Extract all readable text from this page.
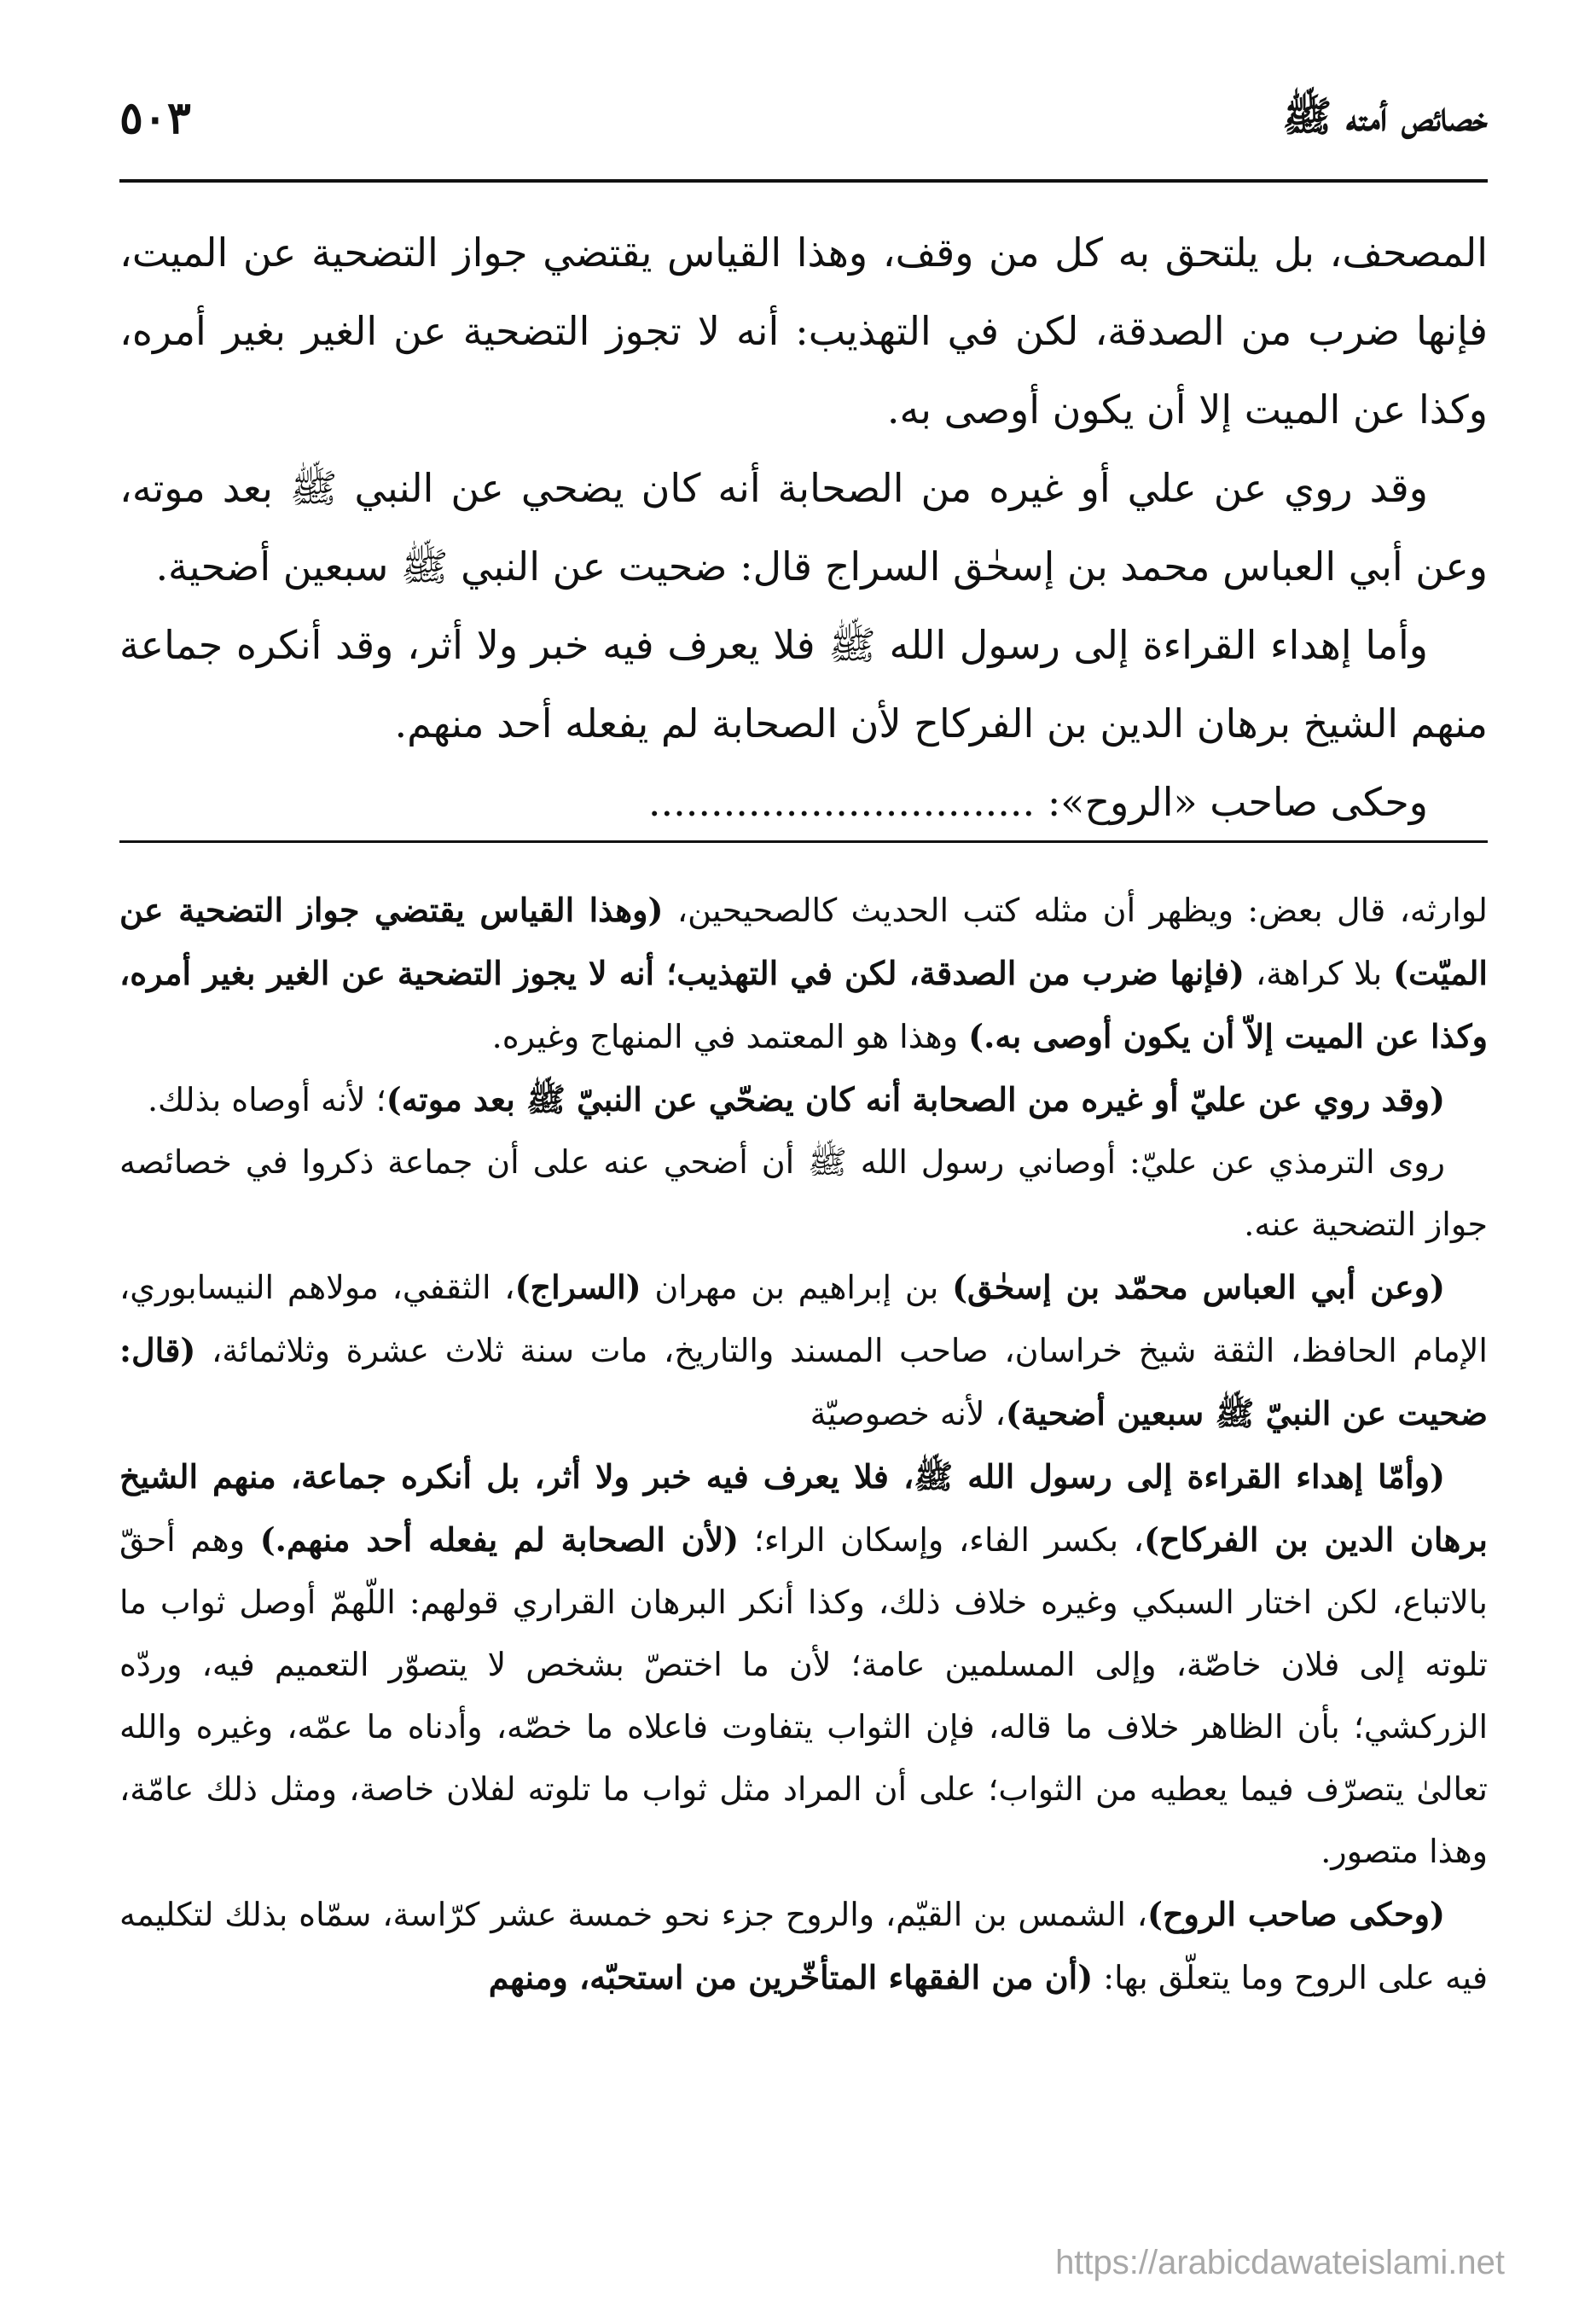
خصائص أمته ﷺ
٥٠٣

المصحف، بل يلتحق به كل من وقف، وهذا القياس يقتضي جواز التضحية عن الميت، فإنها ضرب من الصدقة، لكن في التهذيب: أنه لا تجوز التضحية عن الغير بغير أمره، وكذا عن الميت إلا أن يكون أوصى به.

وقد روي عن علي أو غيره من الصحابة أنه كان يضحي عن النبي ﷺ بعد موته، وعن أبي العباس محمد بن إسحٰق السراج قال: ضحيت عن النبي ﷺ سبعين أضحية.

وأما إهداء القراءة إلى رسول الله ﷺ فلا يعرف فيه خبر ولا أثر، وقد أنكره جماعة منهم الشيخ برهان الدين بن الفركاح لأن الصحابة لم يفعله أحد منهم.

وحكى صاحب «الروح»: ...............................

لوارثه، قال بعض: ويظهر أن مثله كتب الحديث كالصحيحين، (وهذا القياس يقتضي جواز التضحية عن الميّت) بلا كراهة، (فإنها ضرب من الصدقة، لكن في التهذيب؛ أنه لا يجوز التضحية عن الغير بغير أمره، وكذا عن الميت إلاّ أن يكون أوصى به.) وهذا هو المعتمد في المنهاج وغيره.

(وقد روي عن عليّ أو غيره من الصحابة أنه كان يضحّي عن النبيّ ﷺ بعد موته)؛ لأنه أوصاه بذلك.

روى الترمذي عن عليّ: أوصاني رسول الله ﷺ أن أضحي عنه على أن جماعة ذكروا في خصائصه جواز التضحية عنه.

(وعن أبي العباس محمّد بن إسحٰق) بن إبراهيم بن مهران (السراج)، الثقفي، مولاهم النيسابوري، الإمام الحافظ، الثقة شيخ خراسان، صاحب المسند والتاريخ، مات سنة ثلاث عشرة وثلاثمائة، (قال: ضحيت عن النبيّ ﷺ سبعين أضحية)، لأنه خصوصيّة

(وأمّا إهداء القراءة إلى رسول الله ﷺ، فلا يعرف فيه خبر ولا أثر، بل أنكره جماعة، منهم الشيخ برهان الدين بن الفركاح)، بكسر الفاء، وإسكان الراء؛ (لأن الصحابة لم يفعله أحد منهم.) وهم أحقّ بالاتباع، لكن اختار السبكي وغيره خلاف ذلك، وكذا أنكر البرهان القراري قولهم: اللّهمّ أوصل ثواب ما تلوته إلى فلان خاصّة، وإلى المسلمين عامة؛ لأن ما اختصّ بشخص لا يتصوّر التعميم فيه، وردّه الزركشي؛ بأن الظاهر خلاف ما قاله، فإن الثواب يتفاوت فاعلاه ما خصّه، وأدناه ما عمّه، وغيره والله تعالىٰ يتصرّف فيما يعطيه من الثواب؛ على أن المراد مثل ثواب ما تلوته لفلان خاصة، ومثل ذلك عامّة، وهذا متصور.

(وحكى صاحب الروح)، الشمس بن القيّم، والروح جزء نحو خمسة عشر كرّاسة، سمّاه بذلك لتكليمه فيه على الروح وما يتعلّق بها: (أن من الفقهاء المتأخّرين من استحبّه، ومنهم

https://arabicdawateislami.net
